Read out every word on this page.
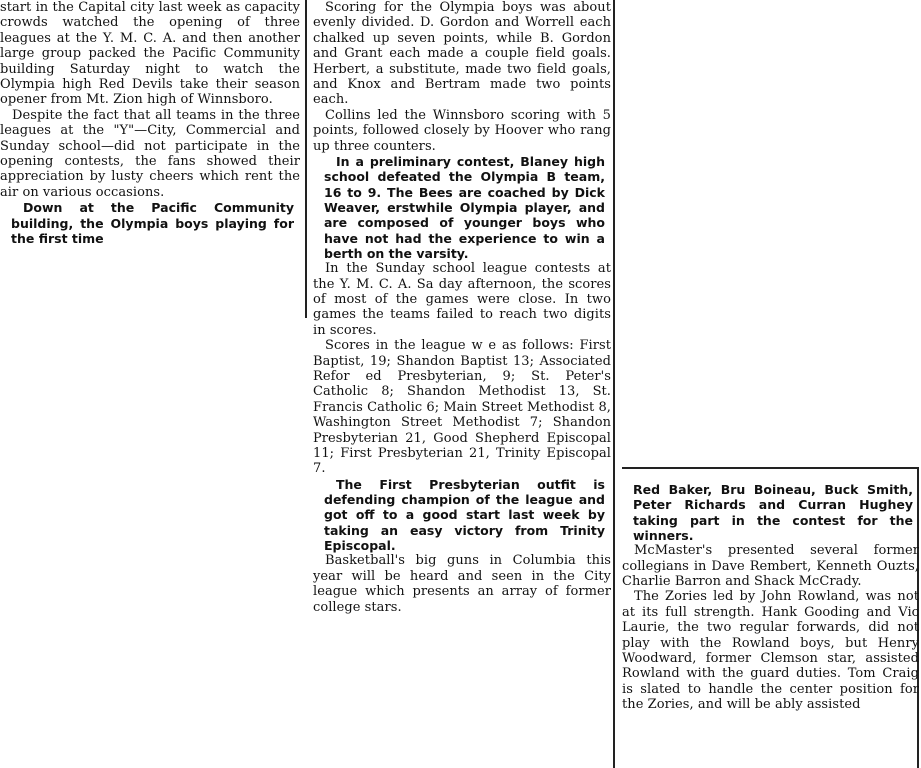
start in the Capital city last week as capacity crowds watched the opening of three leagues at the Y. M. C. A. and then another large group packed the Pacific Community building Saturday night to watch the Olympia high Red Devils take their season opener from Mt. Zion high of Winnsboro.

Despite the fact that all teams in the three leagues at the "Y"—City, Commercial and Sunday school—did not participate in the opening contests, the fans showed their appreciation by lusty cheers which rent the air on various occasions.

Down at the Pacific Community building, the Olympia boys playing for the first time

Scoring for the Olympia boys was about evenly divided. D. Gordon and Worrell each chalked up seven points, while B. Gordon and Grant each made a couple field goals. Herbert, a substitute, made two field goals, and Knox and Bertram made two points each.

Collins led the Winnsboro scoring with 5 points, followed closely by Hoover who rang up three counters.

In a preliminary contest, Blaney high school defeated the Olympia B team, 16 to 9. The Bees are coached by Dick Weaver, erstwhile Olympia player, and are composed of younger boys who have not had the experience to win a berth on the varsity.

In the Sunday school league contests at the Y. M. C. A. Sa day afternoon, the scores of most of the games were close. In two games the teams failed to reach two digits in scores.

Scores in the league w e as follows: First Baptist, 19; Shandon Baptist 13; Associated Refor ed Presbyterian, 9; St. Peter's Catholic 8; Shandon Methodist 13, St. Francis Catholic 6; Main Street Methodist 8, Washington Street Methodist 7; Shandon Presbyterian 21, Good Shepherd Episcopal 11; First Presbyterian 21, Trinity Episcopal 7.

The First Presbyterian outfit is defending champion of the league and got off to a good start last week by taking an easy victory from Trinity Episcopal.

Basketball's big guns in Columbia this year will be heard and seen in the City league which presents an array of former college stars.

Red Baker, Bru Boineau, Buck Smith, Peter Richards and Curran Hughey taking part in the contest for the winners.

McMaster's presented several former collegians in Dave Rembert, Kenneth Ouzts, Charlie Barron and Shack McCrady.

The Zories led by John Rowland, was not at its full strength. Hank Gooding and Vic Laurie, the two regular forwards, did not play with the Rowland boys, but Henry Woodward, former Clemson star, assisted Rowland with the guard duties. Tom Craig is slated to handle the center position for the Zories, and will be ably assisted
